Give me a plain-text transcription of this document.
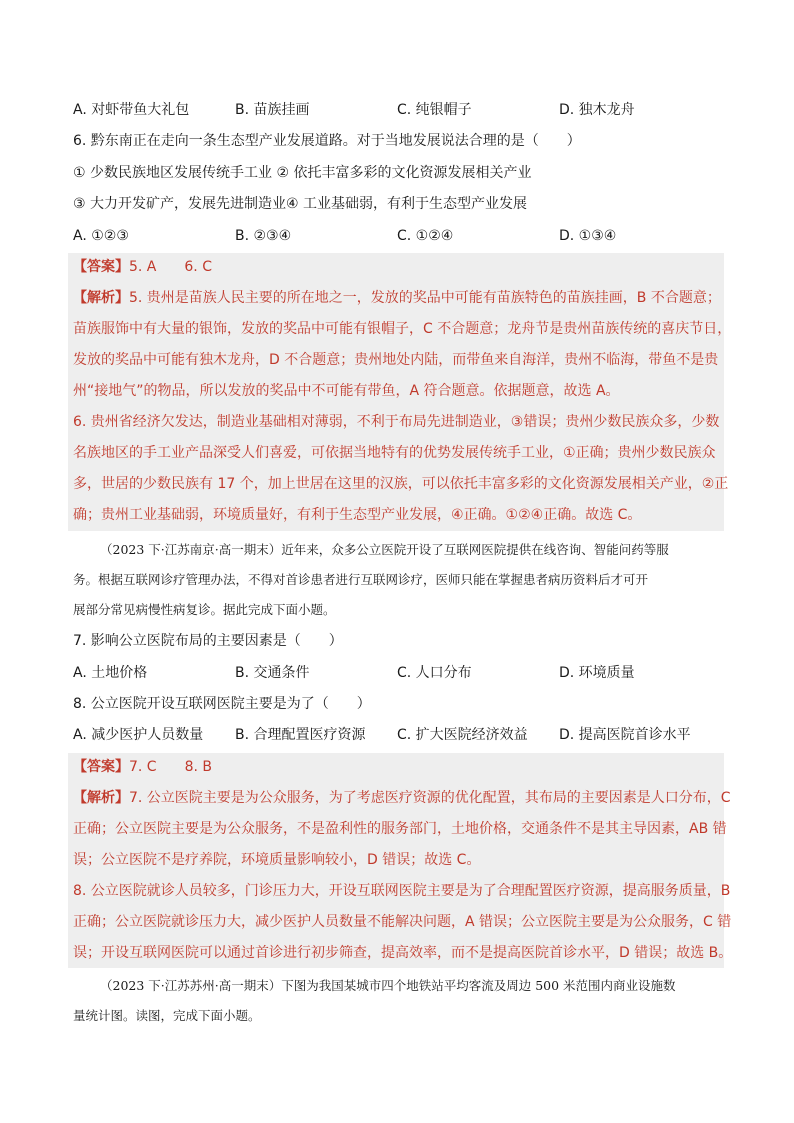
A. 对虾带鱼大礼包	B. 苗族挂画	C. 纯银帽子	D. 独木龙舟
6. 黔东南正在走向一条生态型产业发展道路。对于当地发展说法合理的是（　　）
① 少数民族地区发展传统手工业 ② 依托丰富多彩的文化资源发展相关产业
③ 大力开发矿产，发展先进制造业④ 工业基础弱，有利于生态型产业发展
A. ①②③	B. ②③④	C. ①②④	D. ①③④
【答案】5. A　　6. C
【解析】5. 贵州是苗族人民主要的所在地之一，发放的奖品中可能有苗族特色的苗族挂画，B 不合题意；
苗族服饰中有大量的银饰，发放的奖品中可能有银帽子，C 不合题意；龙舟节是贵州苗族传统的喜庆节日，
发放的奖品中可能有独木龙舟，D 不合题意；贵州地处内陆，而带鱼来自海洋，贵州不临海，带鱼不是贵
州“接地气”的物品，所以发放的奖品中不可能有带鱼，A 符合题意。依据题意，故选 A。
6. 贵州省经济欠发达，制造业基础相对薄弱，不利于布局先进制造业，③错误；贵州少数民族众多，少数
名族地区的手工业产品深受人们喜爱，可依据当地特有的优势发展传统手工业，①正确；贵州少数民族众
多，世居的少数民族有 17 个，加上世居在这里的汉族，可以依托丰富多彩的文化资源发展相关产业，②正
确；贵州工业基础弱，环境质量好，有利于生态型产业发展，④正确。①②④正确。故选 C。
（2023 下·江苏南京·高一期末）近年来，众多公立医院开设了互联网医院提供在线咨询、智能问药等服
务。根据互联网诊疗管理办法，不得对首诊患者进行互联网诊疗，医师只能在掌握患者病历资料后才可开
展部分常见病慢性病复诊。据此完成下面小题。
7. 影响公立医院布局的主要因素是（　　）
A. 土地价格	B. 交通条件	C. 人口分布	D. 环境质量
8. 公立医院开设互联网医院主要是为了（　　）
A. 减少医护人员数量 B. 合理配置医疗资源 C. 扩大医院经济效益 D. 提高医院首诊水平
【答案】7. C　　8. B
【解析】7. 公立医院主要是为公众服务，为了考虑医疗资源的优化配置，其布局的主要因素是人口分布，C
正确；公立医院主要是为公众服务，不是盈利性的服务部门，土地价格，交通条件不是其主导因素，AB 错
误；公立医院不是疗养院，环境质量影响较小，D 错误；故选 C。
8. 公立医院就诊人员较多，门诊压力大，开设互联网医院主要是为了合理配置医疗资源，提高服务质量，B
正确；公立医院就诊压力大，减少医护人员数量不能解决问题，A 错误；公立医院主要是为公众服务，C 错
误；开设互联网医院可以通过首诊进行初步筛查，提高效率，而不是提高医院首诊水平，D 错误；故选 B。
（2023 下·江苏苏州·高一期末）下图为我国某城市四个地铁站平均客流及周边 500 米范围内商业设施数
量统计图。读图，完成下面小题。
